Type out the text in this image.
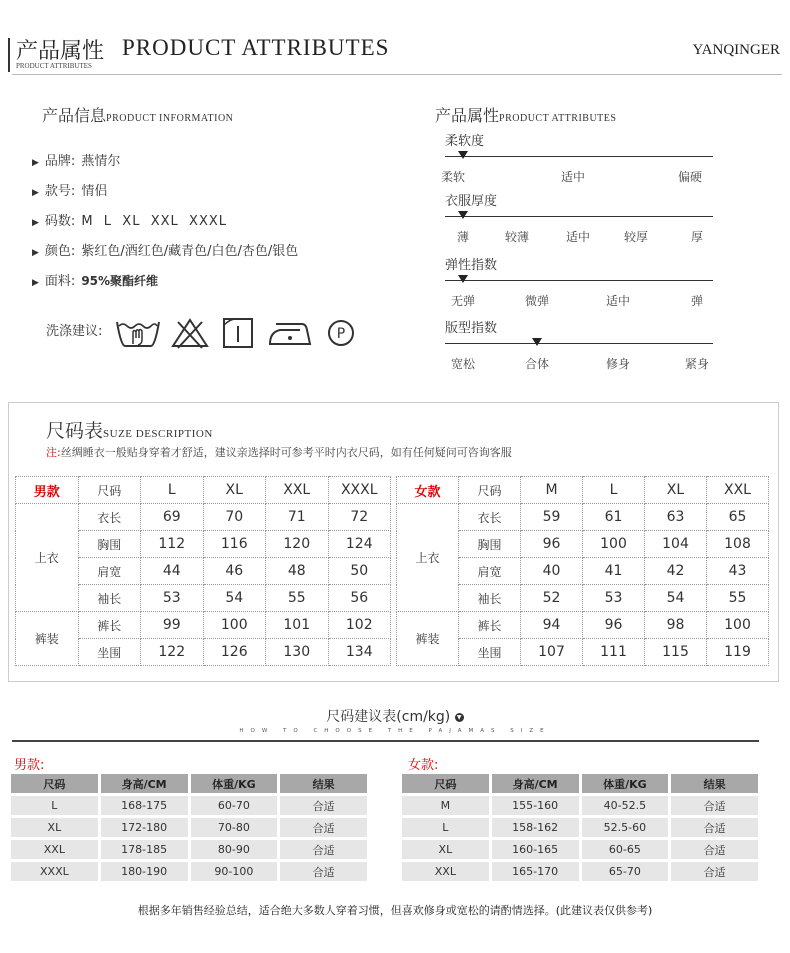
产品属性 PRODUCT ATTRIBUTES
PRODUCT ATTRIBUTES
YANQINGER
产品信息PRODUCT INFORMATION
▶ 品牌: 燕情尔
▶ 款号: 情侣
▶ 码数: M  L  XL  XXL  XXXL
▶ 颜色: 紫红色/酒红色/藏青色/白色/杏色/银色
▶ 面料: 95%聚酯纤维
洗涤建议:	P
产品属性PRODUCT ATTRIBUTES
柔软度
柔软	适中	偏硬
衣服厚度
薄	较薄	适中	较厚	厚
弹性指数
无弹	微弹	适中	弹
版型指数
宽松	合体	修身	紧身
尺码表SUZE DESCRIPTION
注:丝绸睡衣一般贴身穿着才舒适，建议亲选择时可参考平时内衣尺码，如有任何疑问可咨询客服
男款	尺码	L	XL	XXL	XXXL
上衣	衣长	69	70	71	72
	胸围	112	116	120	124
	肩宽	44	46	48	50
	袖长	53	54	55	56
裤装	裤长	99	100	101	102
	坐围	122	126	130	134
女款	尺码	M	L	XL	XXL
上衣	衣长	59	61	63	65
	胸围	96	100	104	108
	肩宽	40	41	42	43
	袖长	52	53	54	55
裤装	裤长	94	96	98	100
	坐围	107	111	115	119
尺码建议表(cm/kg) ▼
HOW TO CHOOSE THE PAJAMAS SIZE
男款:	女款:
尺码	身高/CM	体重/KG	结果
L	168-175	60-70	合适
XL	172-180	70-80	合适
XXL	178-185	80-90	合适
XXXL	180-190	90-100	合适
尺码	身高/CM	体重/KG	结果
M	155-160	40-52.5	合适
L	158-162	52.5-60	合适
XL	160-165	60-65	合适
XXL	165-170	65-70	合适
根据多年销售经验总结，适合绝大多数人穿着习惯，但喜欢修身或宽松的请酌情选择。(此建议表仅供参考)
